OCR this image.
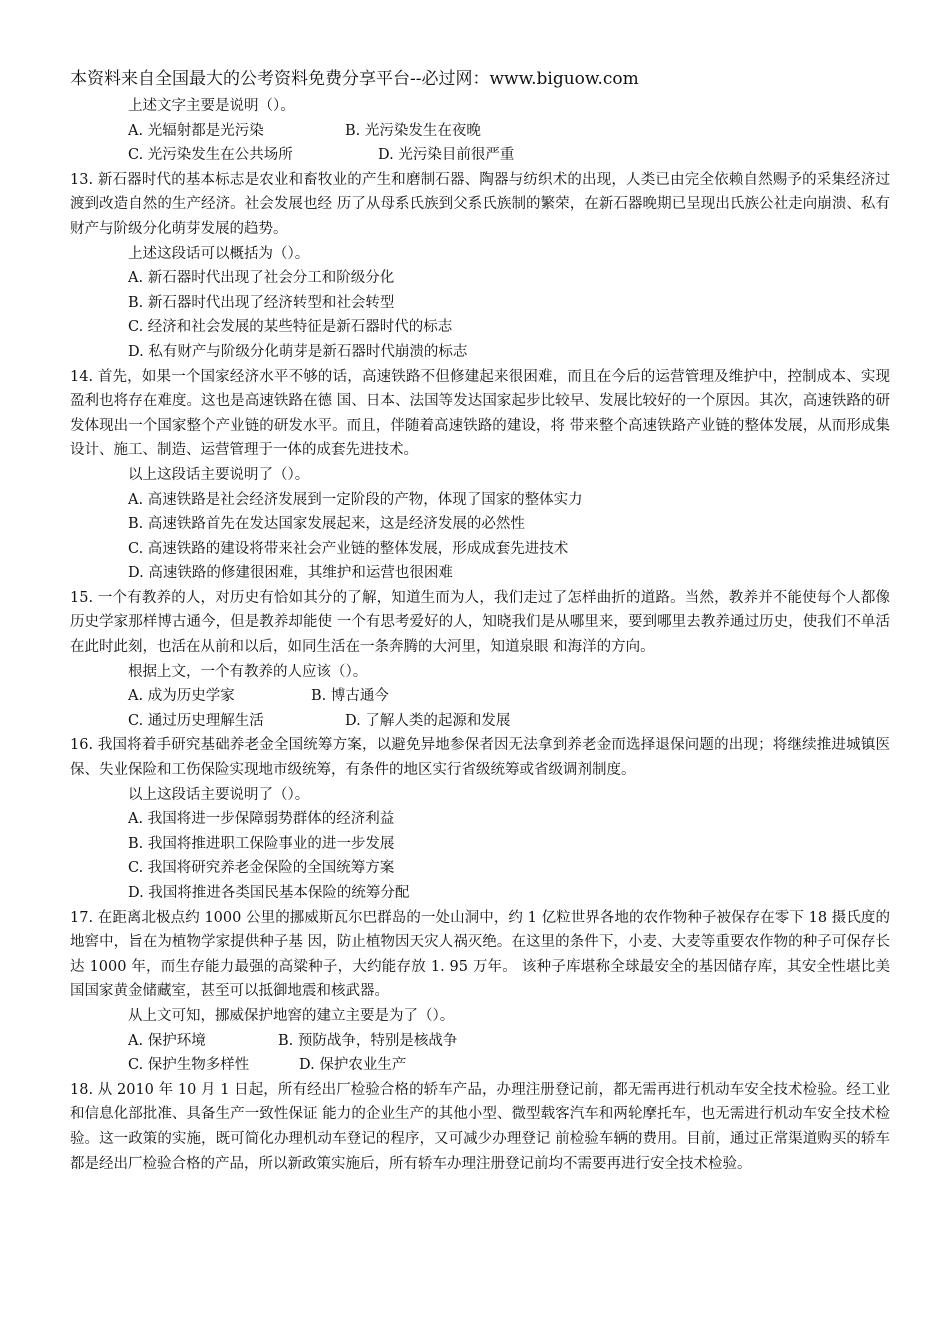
本资料来自全国最大的公考资料免费分享平台--必过网：www.biguow.com
上述文字主要是说明（）。
A. 光辐射都是光污染	B. 光污染发生在夜晚
C. 光污染发生在公共场所	D. 光污染目前很严重
13. 新石器时代的基本标志是农业和畜牧业的产生和磨制石器、陶器与纺织术的出现，人类已由完全依赖自然赐予的采集经济过渡到改造自然的生产经济。社会发展也经 历了从母系氏族到父系氏族制的繁荣，在新石器晚期已呈现出氏族公社走向崩溃、私有财产与阶级分化萌芽发展的趋势。
上述这段话可以概括为（）。
A. 新石器时代出现了社会分工和阶级分化
B. 新石器时代出现了经济转型和社会转型
C. 经济和社会发展的某些特征是新石器时代的标志
D. 私有财产与阶级分化萌芽是新石器时代崩溃的标志
14. 首先，如果一个国家经济水平不够的话，高速铁路不但修建起来很困难，而且在今后的运营管理及维护中，控制成本、实现盈利也将存在难度。这也是高速铁路在德 国、日本、法国等发达国家起步比较早、发展比较好的一个原因。其次，高速铁路的研发体现出一个国家整个产业链的研发水平。而且，伴随着高速铁路的建设，将 带来整个高速铁路产业链的整体发展，从而形成集设计、施工、制造、运营管理于一体的成套先进技术。
以上这段话主要说明了（）。
A. 高速铁路是社会经济发展到一定阶段的产物，体现了国家的整体实力
B. 高速铁路首先在发达国家发展起来，这是经济发展的必然性
C. 高速铁路的建设将带来社会产业链的整体发展，形成成套先进技术
D. 高速铁路的修建很困难，其维护和运营也很困难
15. 一个有教养的人，对历史有恰如其分的了解，知道生而为人，我们走过了怎样曲折的道路。当然，教养并不能使每个人都像历史学家那样博古通今，但是教养却能使 一个有思考爱好的人，知晓我们是从哪里来，要到哪里去教养通过历史，使我们不单活在此时此刻，也活在从前和以后，如同生活在一条奔腾的大河里，知道泉眼 和海洋的方向。
根据上文，一个有教养的人应该（）。
A. 成为历史学家	B. 博古通今
C. 通过历史理解生活	D. 了解人类的起源和发展
16. 我国将着手研究基础养老金全国统筹方案，以避免异地参保者因无法拿到养老金而选择退保问题的出现；将继续推进城镇医保、失业保险和工伤保险实现地市级统筹，有条件的地区实行省级统筹或省级调剂制度。
以上这段话主要说明了（）。
A. 我国将进一步保障弱势群体的经济利益
B. 我国将推进职工保险事业的进一步发展
C. 我国将研究养老金保险的全国统筹方案
D. 我国将推进各类国民基本保险的统筹分配
17. 在距离北极点约 1000 公里的挪威斯瓦尔巴群岛的一处山洞中，约 1 亿粒世界各地的农作物种子被保存在零下 18 摄氏度的地窖中，旨在为植物学家提供种子基 因，防止植物因天灾人祸灭绝。在这里的条件下，小麦、大麦等重要农作物的种子可保存长达 1000 年，而生存能力最强的高粱种子，大约能存放 1. 95 万年。 该种子库堪称全球最安全的基因储存库，其安全性堪比美国国家黄金储藏室，甚至可以抵御地震和核武器。
从上文可知，挪威保护地窖的建立主要是为了（）。
A. 保护环境	B. 预防战争，特别是核战争
C. 保护生物多样性	D. 保护农业生产
18. 从 2010 年 10 月 1 日起，所有经出厂检验合格的轿车产品，办理注册登记前，都无需再进行机动车安全技术检验。经工业和信息化部批准、具备生产一致性保证 能力的企业生产的其他小型、微型载客汽车和两轮摩托车，也无需进行机动车安全技术检验。这一政策的实施，既可简化办理机动车登记的程序，又可减少办理登记 前检验车辆的费用。目前，通过正常渠道购买的轿车都是经出厂检验合格的产品，所以新政策实施后，所有轿车办理注册登记前均不需要再进行安全技术检验。
